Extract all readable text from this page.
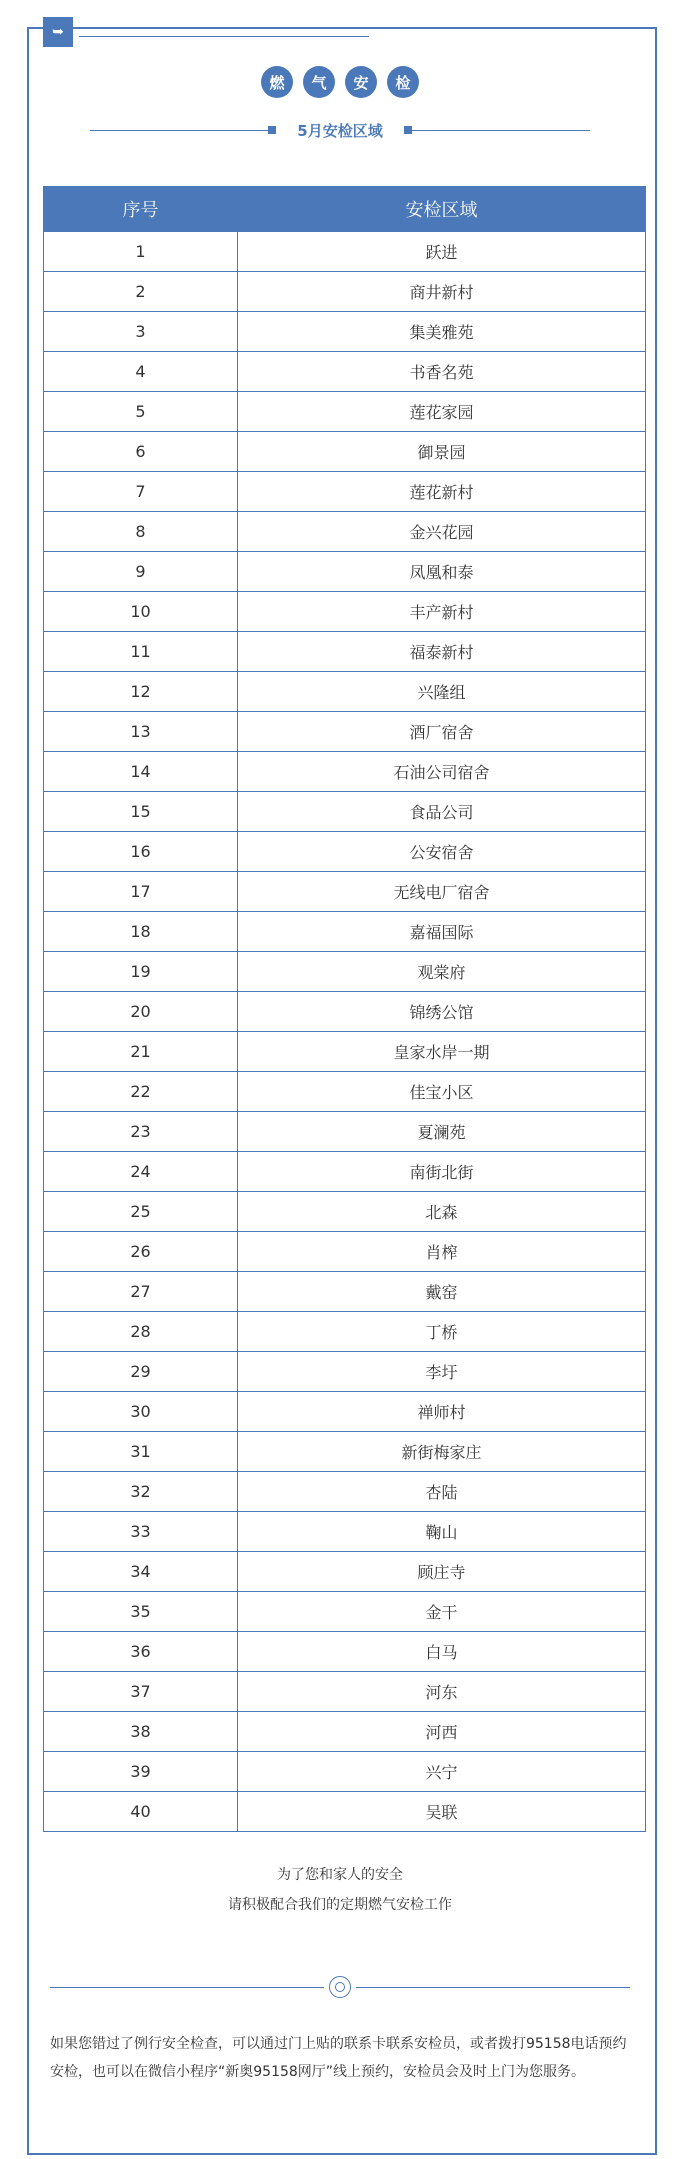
➥
燃	气	安	检
5月安检区域
序号	安检区域
1	跃进
2	商井新村
3	集美雅苑
4	书香名苑
5	莲花家园
6	御景园
7	莲花新村
8	金兴花园
9	凤凰和泰
10	丰产新村
11	福泰新村
12	兴隆组
13	酒厂宿舍
14	石油公司宿舍
15	食品公司
16	公安宿舍
17	无线电厂宿舍
18	嘉福国际
19	观棠府
20	锦绣公馆
21	皇家水岸一期
22	佳宝小区
23	夏澜苑
24	南街北街
25	北森
26	肖榨
27	戴窑
28	丁桥
29	李圩
30	禅师村
31	新街梅家庄
32	杏陆
33	鞠山
34	顾庄寺
35	金干
36	白马
37	河东
38	河西
39	兴宁
40	吴联
为了您和家人的安全
请积极配合我们的定期燃气安检工作
如果您错过了例行安全检查，可以通过门上贴的联系卡联系安检员，或者拨打95158电话预约安检，也可以在微信小程序“新奥95158网厅”线上预约，安检员会及时上门为您服务。
